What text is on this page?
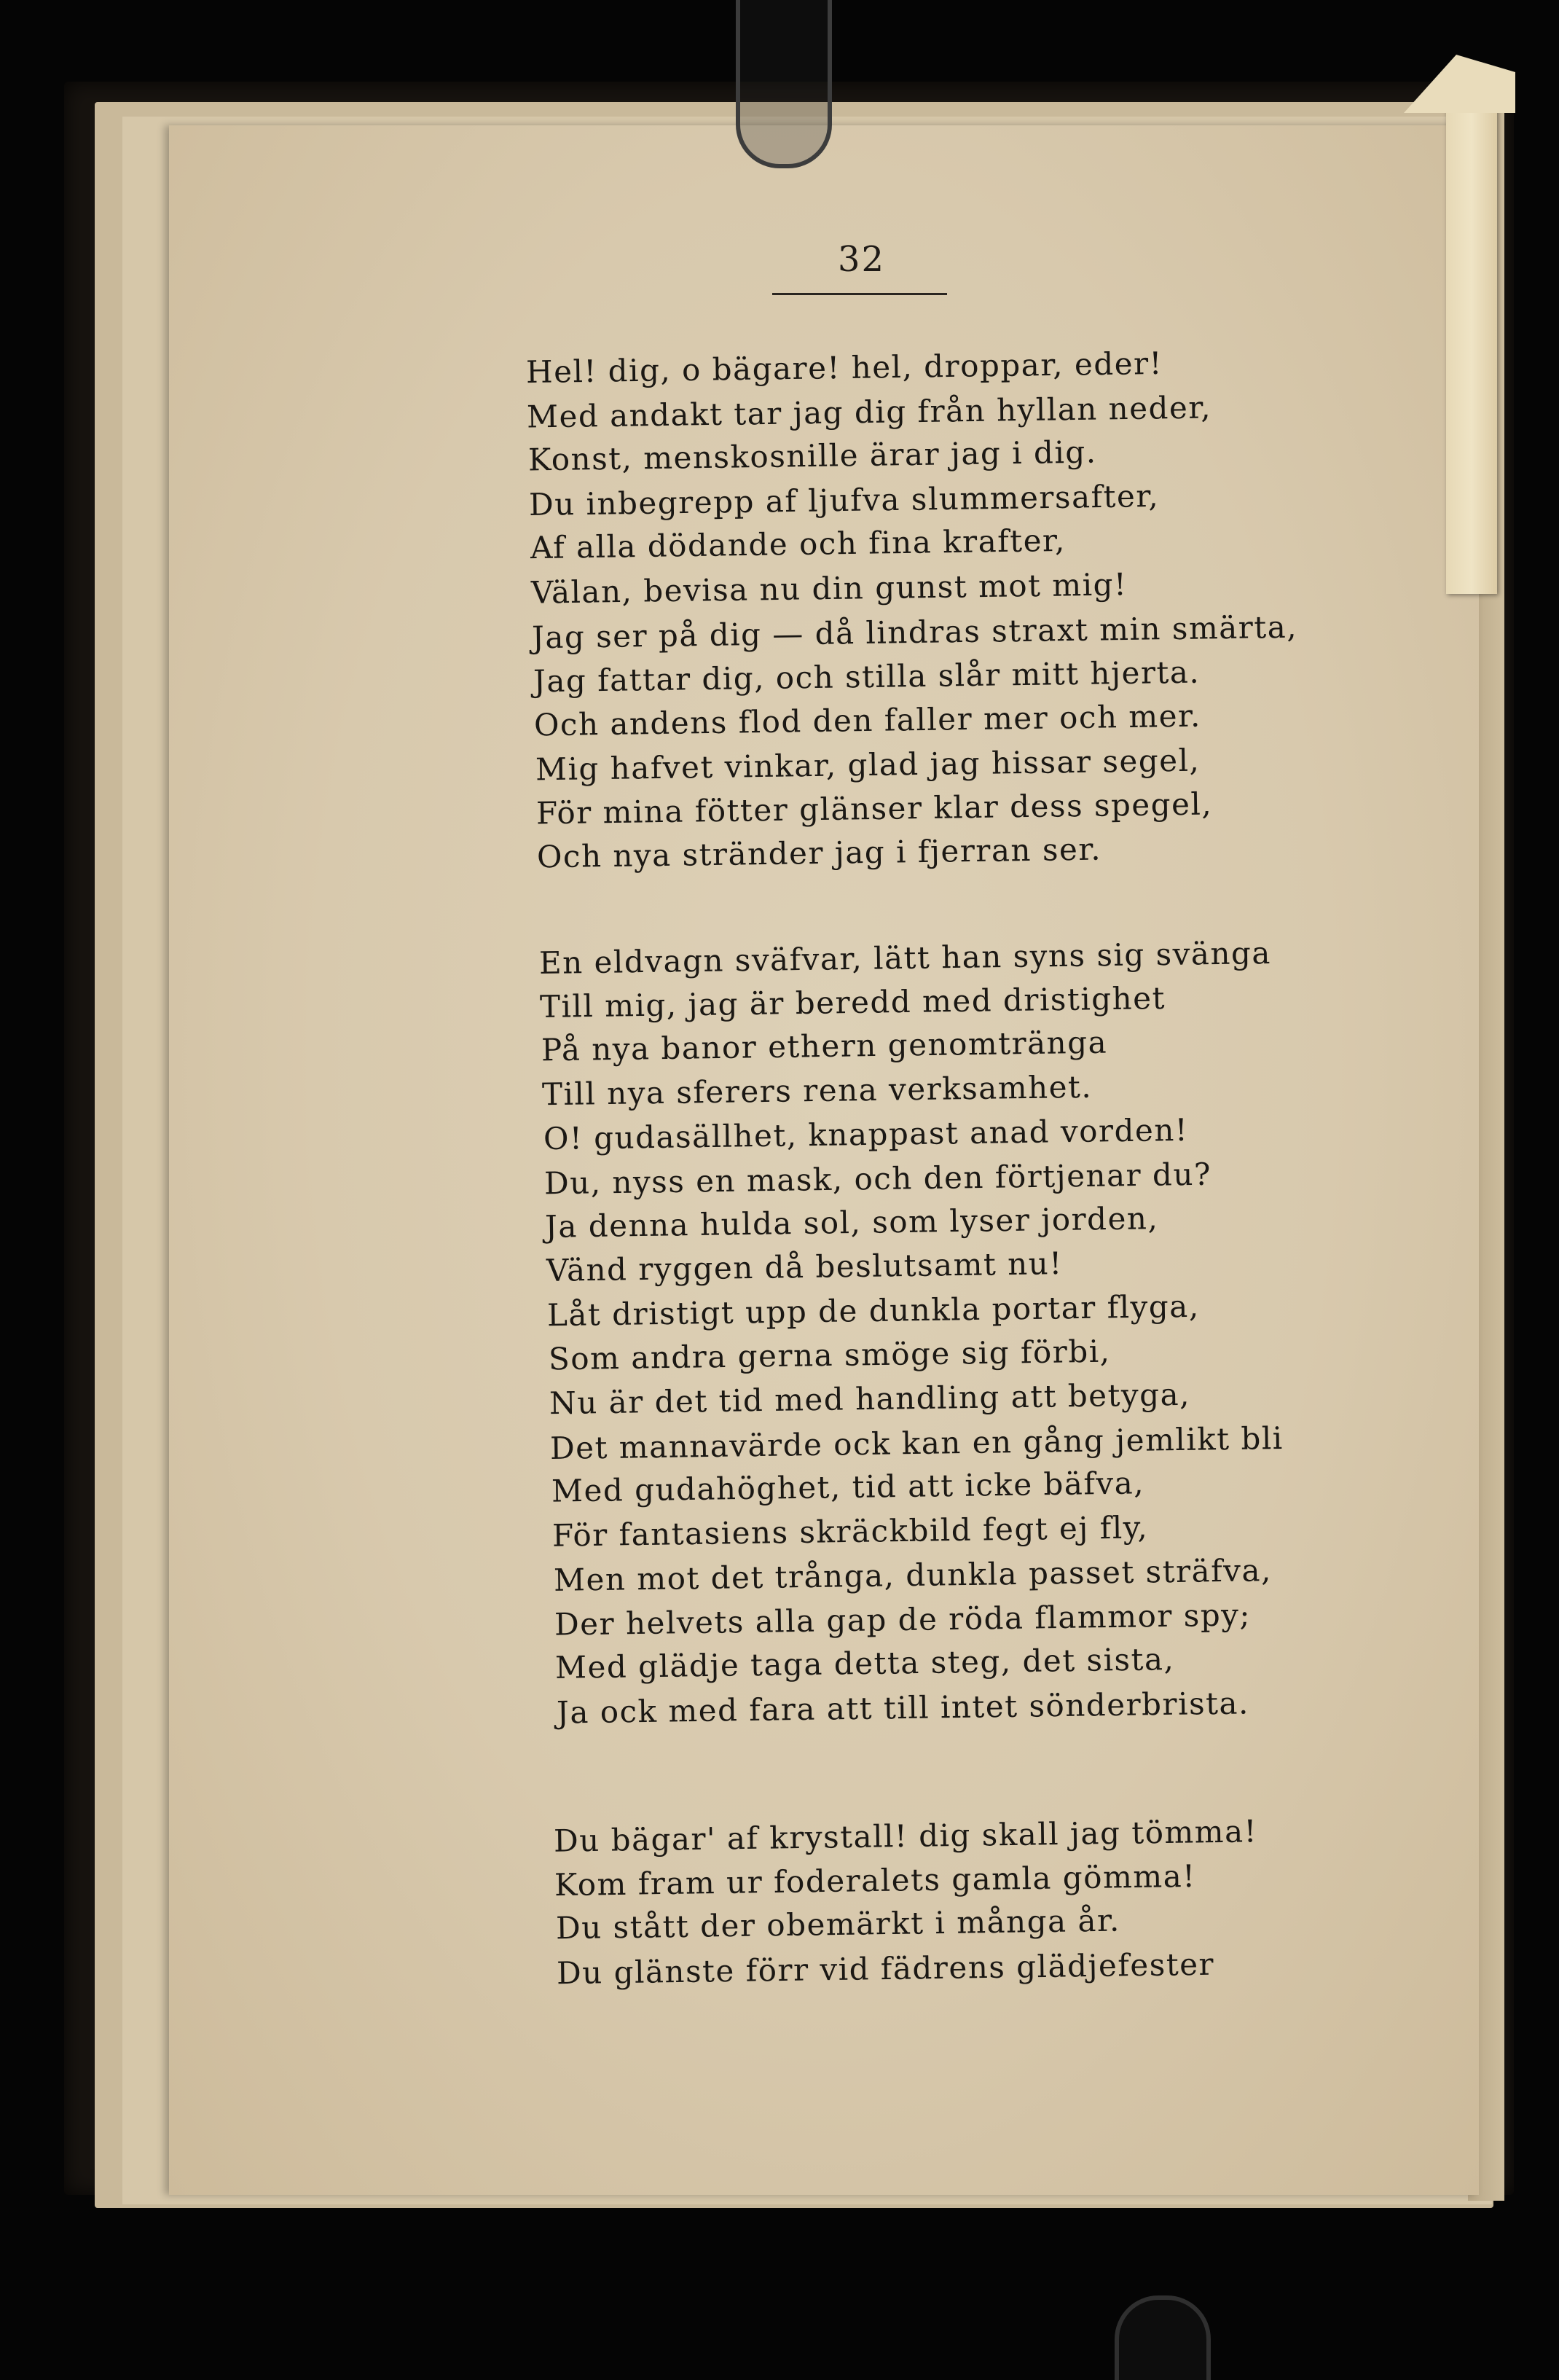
32
Hel! dig, o bägare! hel, droppar, eder!
Med andakt tar jag dig från hyllan neder,
Konst, menskosnille ärar jag i dig.
Du inbegrepp af ljufva slummersafter,
Af alla dödande och fina krafter,
Välan, bevisa nu din gunst mot mig!
Jag ser på dig — då lindras straxt min smärta,
Jag fattar dig, och stilla slår mitt hjerta.
Och andens flod den faller mer och mer.
Mig hafvet vinkar, glad jag hissar segel,
För mina fötter glänser klar dess spegel,
Och nya stränder jag i fjerran ser.
En eldvagn sväfvar, lätt han syns sig svänga
Till mig, jag är beredd med dristighet
På nya banor ethern genomtränga
Till nya sferers rena verksamhet.
O! gudasällhet, knappast anad vorden!
Du, nyss en mask, och den förtjenar du?
Ja denna hulda sol, som lyser jorden,
Vänd ryggen då beslutsamt nu!
Låt dristigt upp de dunkla portar flyga,
Som andra gerna smöge sig förbi,
Nu är det tid med handling att betyga,
Det mannavärde ock kan en gång jemlikt bli
Med gudahöghet, tid att icke bäfva,
För fantasiens skräckbild fegt ej fly,
Men mot det trånga, dunkla passet sträfva,
Der helvets alla gap de röda flammor spy;
Med glädje taga detta steg, det sista,
Ja ock med fara att till intet sönderbrista.
Du bägar' af krystall! dig skall jag tömma!
Kom fram ur foderalets gamla gömma!
Du stått der obemärkt i många år.
Du glänste förr vid fädrens glädjefester
